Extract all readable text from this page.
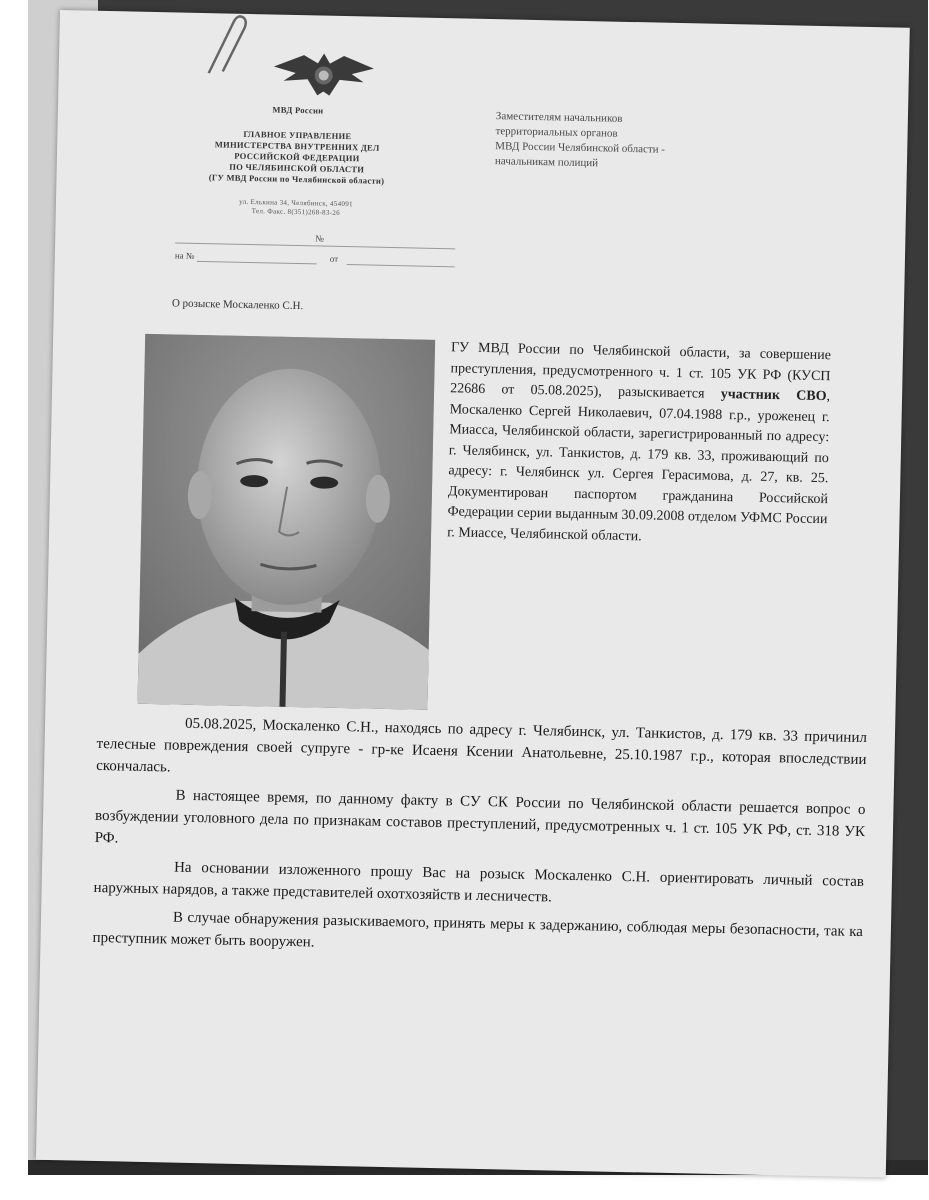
МВД России
ГЛАВНОЕ УПРАВЛЕНИЕ
МИНИСТЕРСТВА ВНУТРЕННИХ ДЕЛ
РОССИЙСКОЙ ФЕДЕРАЦИИ
ПО ЧЕЛЯБИНСКОЙ ОБЛАСТИ
(ГУ МВД России по Челябинской области)
ул. Елькина 34, Челябинск, 454091
Тел. Факс. 8(351)268-83-26
№
на №	от
Заместителям начальников
территориальных органов
МВД России Челябинской области -
начальникам полиций
О розыске Москаленко С.Н.
ГУ МВД России по Челябинской области, за совершение преступления, предусмотренного ч. 1 ст. 105 УК РФ (КУСП 22686 от 05.08.2025), разыскивается участник СВО, Москаленко Сергей Николаевич, 07.04.1988 г.р., уроженец г. Миасса, Челябинской области, зарегистрированный по адресу: г. Челябинск, ул. Танкистов, д. 179 кв. 33, проживающий по адресу: г. Челябинск ул. Сергея Герасимова, д. 27, кв. 25. Документирован паспортом гражданина Российской Федерации серии выданным 30.09.2008 отделом УФМС России г. Миассе, Челябинской области.

05.08.2025, Москаленко С.Н., находясь по адресу г. Челябинск, ул. Танкистов, д. 179 кв. 33 причинил телесные повреждения своей супруге - гр-ке Исаеня Ксении Анатольевне, 25.10.1987 г.р., которая впоследствии скончалась.

В настоящее время, по данному факту в СУ СК России по Челябинской области решается вопрос о возбуждении уголовного дела по признакам составов преступлений, предусмотренных ч. 1 ст. 105 УК РФ, ст. 318 УК РФ.

На основании изложенного прошу Вас на розыск Москаленко С.Н. ориентировать личный состав наружных нарядов, а также представителей охотхозяйств и лесничеств.

В случае обнаружения разыскиваемого, принять меры к задержанию, соблюдая меры безопасности, так ка преступник может быть вооружен.
